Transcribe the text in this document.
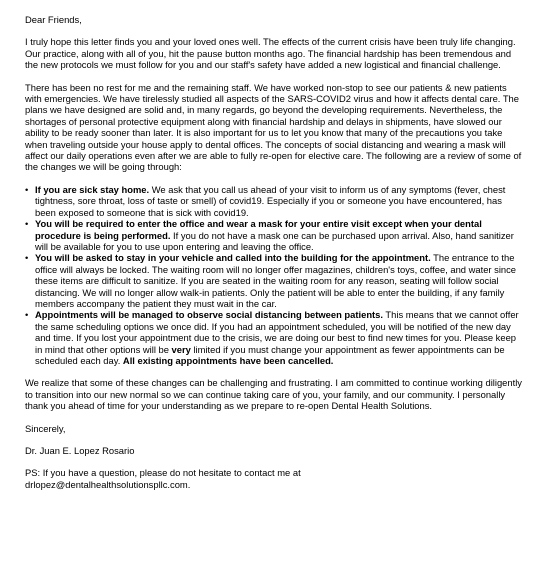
Dear Friends,

I truly hope this letter finds you and your loved ones well. The effects of the current crisis have been truly life changing. Our practice, along with all of you, hit the pause button months ago. The financial hardship has been tremendous and the new protocols we must follow for you and our staff's safety have added a new logistical and financial challenge.

There has been no rest for me and the remaining staff. We have worked non-stop to see our patients & new patients with emergencies. We have tirelessly studied all aspects of the SARS-COVID2 virus and how it affects dental care. The plans we have designed are solid and, in many regards, go beyond the developing requirements. Nevertheless, the shortages of personal protective equipment along with financial hardship and delays in shipments, have slowed our ability to be ready sooner than later. It is also important for us to let you know that many of the precautions you take when traveling outside your house apply to dental offices. The concepts of social distancing and wearing a mask will affect our daily operations even after we are able to fully re-open for elective care. The following are a review of some of the changes we will be going through:

• If you are sick stay home. We ask that you call us ahead of your visit to inform us of any symptoms (fever, chest tightness, sore throat, loss of taste or smell) of covid19. Especially if you or someone you have encountered, has been exposed to someone that is sick with covid19.
• You will be required to enter the office and wear a mask for your entire visit except when your dental procedure is being performed. If you do not have a mask one can be purchased upon arrival. Also, hand sanitizer will be available for you to use upon entering and leaving the office.
• You will be asked to stay in your vehicle and called into the building for the appointment. The entrance to the office will always be locked. The waiting room will no longer offer magazines, children's toys, coffee, and water since these items are difficult to sanitize. If you are seated in the waiting room for any reason, seating will follow social distancing. We will no longer allow walk-in patients. Only the patient will be able to enter the building, if any family members accompany the patient they must wait in the car.
• Appointments will be managed to observe social distancing between patients. This means that we cannot offer the same scheduling options we once did. If you had an appointment scheduled, you will be notified of the new day and time. If you lost your appointment due to the crisis, we are doing our best to find new times for you. Please keep in mind that other options will be very limited if you must change your appointment as fewer appointments can be scheduled each day. All existing appointments have been cancelled.

We realize that some of these changes can be challenging and frustrating. I am committed to continue working diligently to transition into our new normal so we can continue taking care of you, your family, and our community. I personally thank you ahead of time for your understanding as we prepare to re-open Dental Health Solutions.

Sincerely,

Dr. Juan E. Lopez Rosario

PS: If you have a question, please do not hesitate to contact me at

drlopez@dentalhealthsolutionspllc.com.
